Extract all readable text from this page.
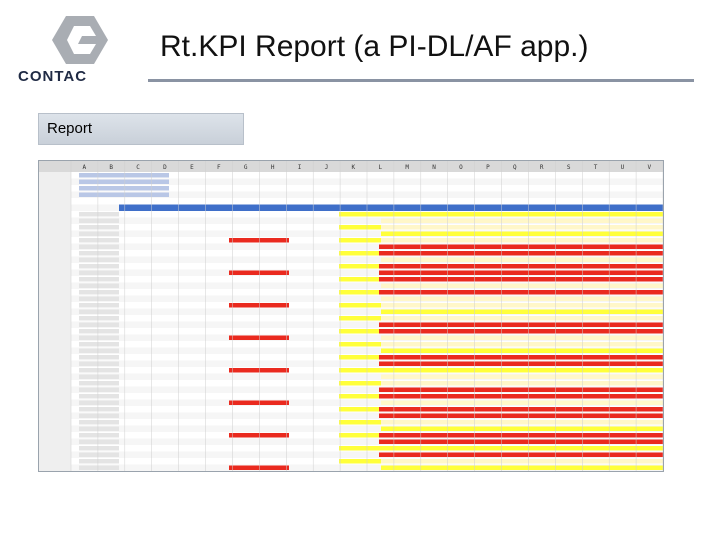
CONTAC
Rt.KPI Report (a PI-DL/AF app.)
Report
A	B	C	D	E	F	G	H	I	J	K	L	M	N	O	P	Q	R	S	T	U	V
